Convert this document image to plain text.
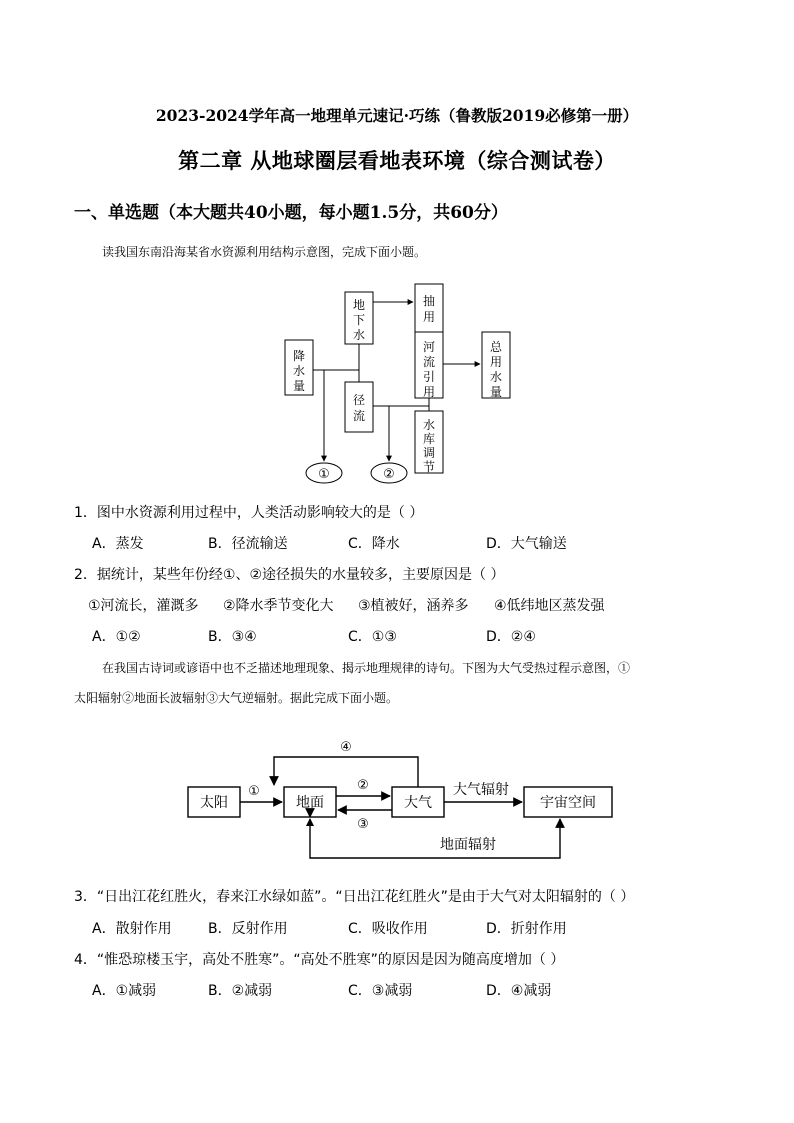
2023-2024学年高一地理单元速记·巧练（鲁教版2019必修第一册）
第二章 从地球圈层看地表环境（综合测试卷）
一、单选题（本大题共40小题，每小题1.5分，共60分）
读我国东南沿海某省水资源利用结构示意图，完成下面小题。
降
水
量
地
下
水
径
流
抽
用
河
流
引
用
水
库
调
节
总
用
水
量
①	②
1．图中水资源利用过程中，人类活动影响较大的是（ ）
A．蒸发	B．径流输送	C．降水	D．大气输送
2．据统计，某些年份经①、②途径损失的水量较多，主要原因是（ ）
①河流长，灌溉多 ②降水季节变化大 ③植被好，涵养多 ④低纬地区蒸发强
A．①②	B．③④	C．①③	D．②④
在我国古诗词或谚语中也不乏描述地理现象、揭示地理规律的诗句。下图为大气受热过程示意图，①
太阳辐射②地面长波辐射③大气逆辐射。据此完成下面小题。
太阳	地面	大气	宇宙空间
大气辐射
地面辐射
①	②
③
④
3．“日出江花红胜火，春来江水绿如蓝”。“日出江花红胜火”是由于大气对太阳辐射的（ ）
A．散射作用	B．反射作用	C．吸收作用	D．折射作用
4．“惟恐琼楼玉宇，高处不胜寒”。“高处不胜寒”的原因是因为随高度增加（ ）
A．①减弱	B．②减弱	C．③减弱	D．④减弱
